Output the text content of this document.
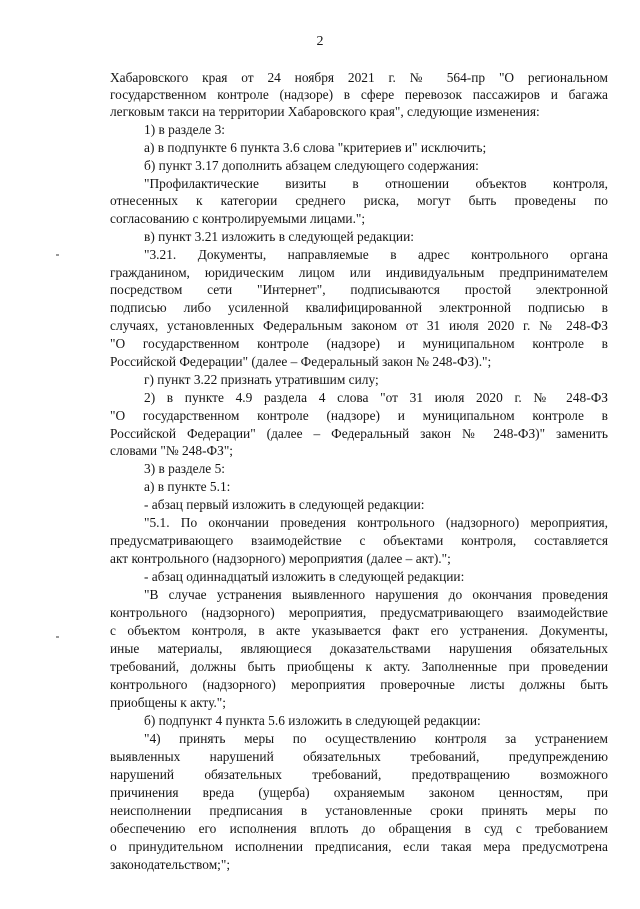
2
Хабаровского края от 24 ноября 2021 г. № 564-пр "О региональном
государственном контроле (надзоре) в сфере перевозок пассажиров и багажа
легковым такси на территории Хабаровского края", следующие изменения:
1) в разделе 3:
а) в подпункте 6 пункта 3.6 слова "критериев и" исключить;
б) пункт 3.17 дополнить абзацем следующего содержания:
"Профилактические визиты в отношении объектов контроля,
отнесенных к категории среднего риска, могут быть проведены по
согласованию с контролируемыми лицами.";
в) пункт 3.21 изложить в следующей редакции:
"3.21. Документы, направляемые в адрес контрольного органа
гражданином, юридическим лицом или индивидуальным предпринимателем
посредством сети "Интернет", подписываются простой электронной
подписью либо усиленной квалифицированной электронной подписью в
случаях, установленных Федеральным законом от 31 июля 2020 г. № 248-ФЗ
"О государственном контроле (надзоре) и муниципальном контроле в
Российской Федерации" (далее – Федеральный закон № 248-ФЗ).";
г) пункт 3.22 признать утратившим силу;
2) в пункте 4.9 раздела 4 слова "от 31 июля 2020 г. № 248-ФЗ
"О государственном контроле (надзоре) и муниципальном контроле в
Российской Федерации" (далее – Федеральный закон № 248-ФЗ)" заменить
словами "№ 248-ФЗ";
3) в разделе 5:
а) в пункте 5.1:
- абзац первый изложить в следующей редакции:
"5.1. По окончании проведения контрольного (надзорного) мероприятия,
предусматривающего взаимодействие с объектами контроля, составляется
акт контрольного (надзорного) мероприятия (далее – акт).";
- абзац одиннадцатый изложить в следующей редакции:
"В случае устранения выявленного нарушения до окончания проведения
контрольного (надзорного) мероприятия, предусматривающего взаимодействие
с объектом контроля, в акте указывается факт его устранения. Документы,
иные материалы, являющиеся доказательствами нарушения обязательных
требований, должны быть приобщены к акту. Заполненные при проведении
контрольного (надзорного) мероприятия проверочные листы должны быть
приобщены к акту.";
б) подпункт 4 пункта 5.6 изложить в следующей редакции:
"4) принять меры по осуществлению контроля за устранением
выявленных нарушений обязательных требований, предупреждению
нарушений обязательных требований, предотвращению возможного
причинения вреда (ущерба) охраняемым законом ценностям, при
неисполнении предписания в установленные сроки принять меры по
обеспечению его исполнения вплоть до обращения в суд с требованием
о принудительном исполнении предписания, если такая мера предусмотрена
законодательством;";
